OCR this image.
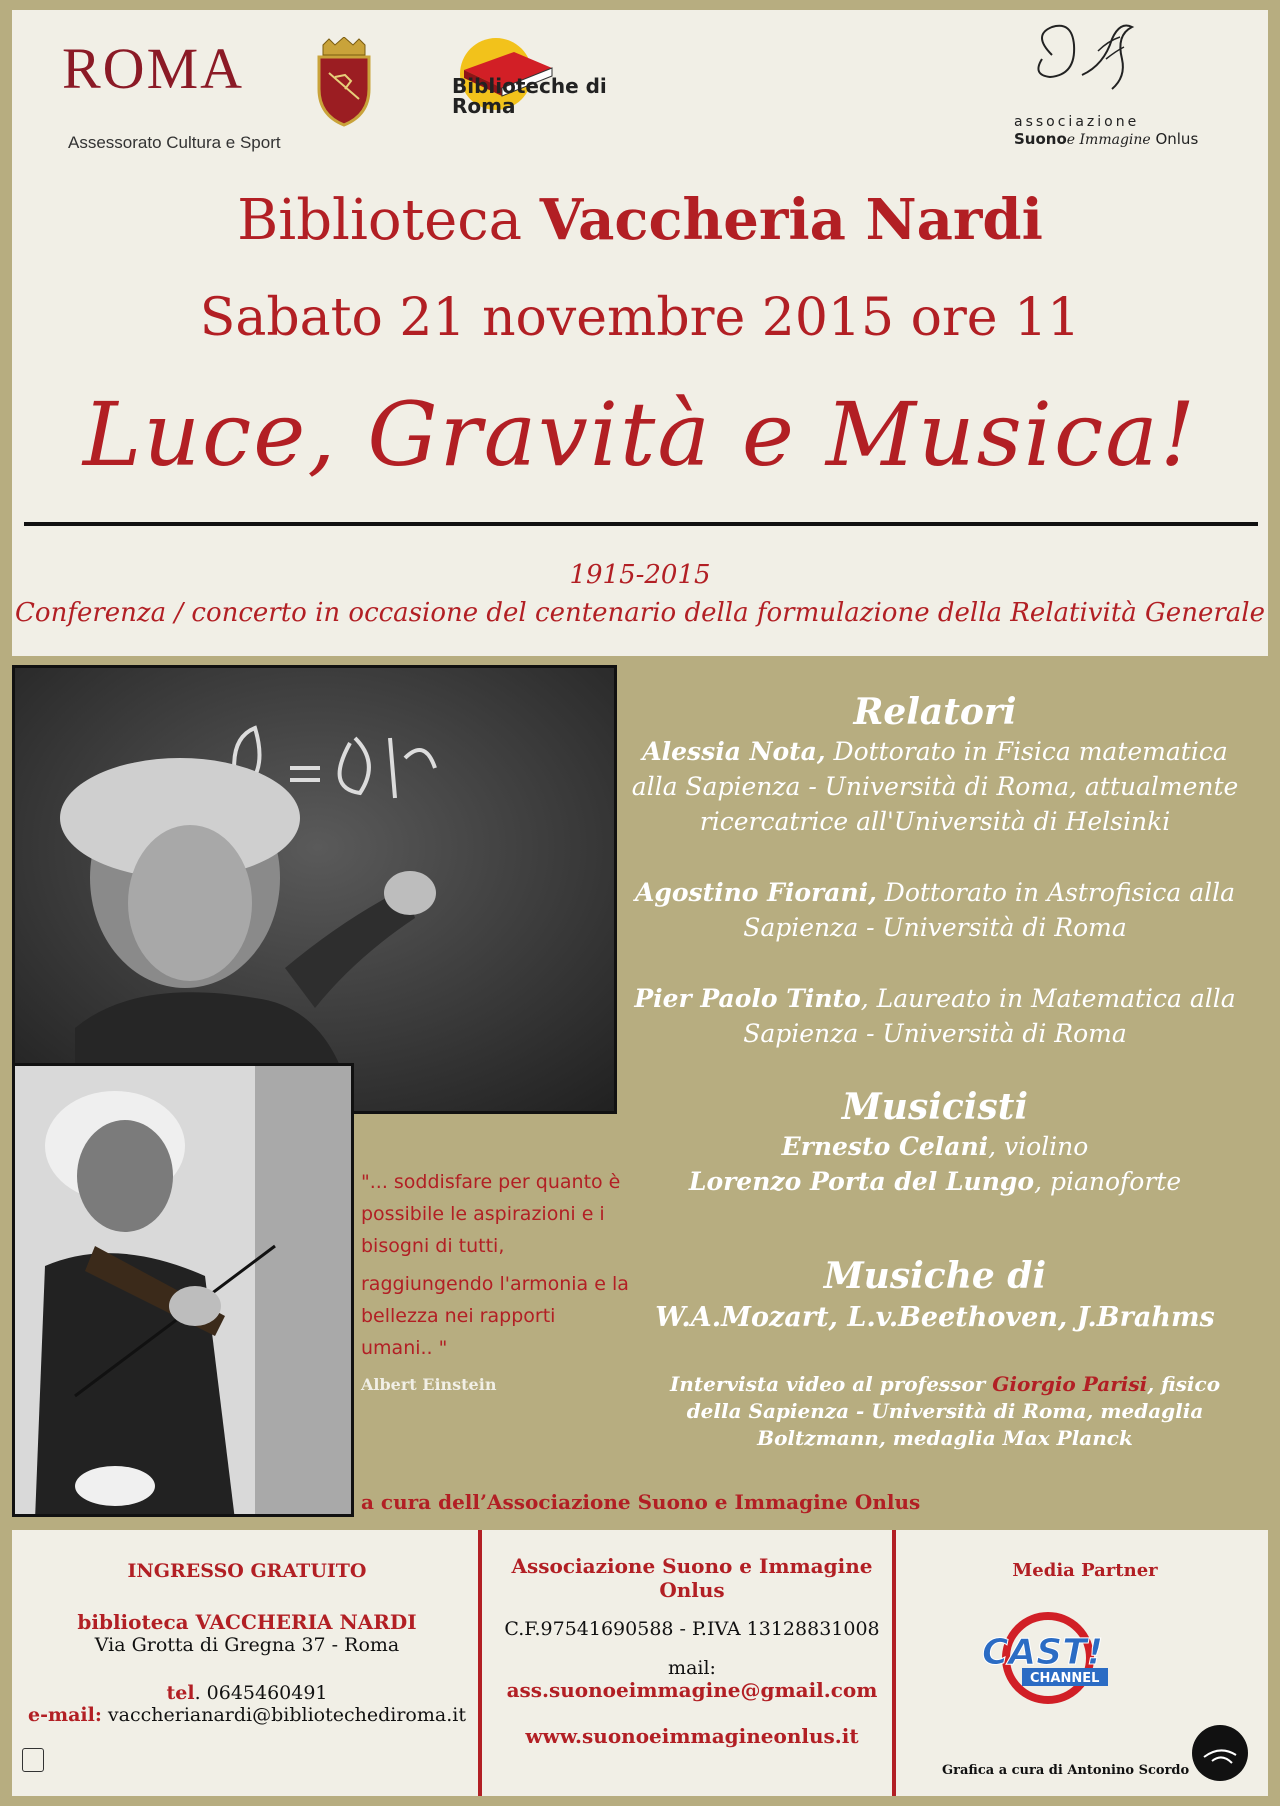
ROMA
Assessorato Cultura e Sport
Biblioteche di Roma
associazione
Suonoe Immagine Onlus
Biblioteca Vaccheria Nardi
Sabato 21 novembre 2015 ore 11
Luce, Gravità e Musica!
1915-2015
Conferenza / concerto in occasione del centenario della formulazione della Relatività Generale

"... soddisfare per quanto è possibile le aspirazioni e i bisogni di tutti,

raggiungendo l'armonia e la bellezza nei rapporti umani.. "

Albert Einstein
a cura dell’Associazione Suono e Immagine Onlus
Relatori
Alessia Nota, Dottorato in Fisica matematica alla Sapienza - Università di Roma, attualmente ricercatrice all'Università di Helsinki
Agostino Fiorani, Dottorato in Astrofisica alla Sapienza - Università di Roma
Pier Paolo Tinto, Laureato in Matematica alla Sapienza - Università di Roma
Musicisti
Ernesto Celani, violino
Lorenzo Porta del Lungo, pianoforte
Musiche di
W.A.Mozart, L.v.Beethoven, J.Brahms
Intervista video al professor Giorgio Parisi, fisico della Sapienza - Università di Roma, medaglia Boltzmann, medaglia Max Planck
INGRESSO GRATUITO
biblioteca VACCHERIA NARDI
Via Grotta di Gregna 37 - Roma
tel. 0645460491
e-mail: vaccherianardi@bibliotechediroma.it
Associazione Suono e Immagine Onlus
C.F.97541690588 - P.IVA 13128831008
mail:
ass.suonoeimmagine@gmail.com
www.suonoeimmagineonlus.it
Media Partner
CAST!
CHANNEL
Grafica a cura di Antonino Scordo
